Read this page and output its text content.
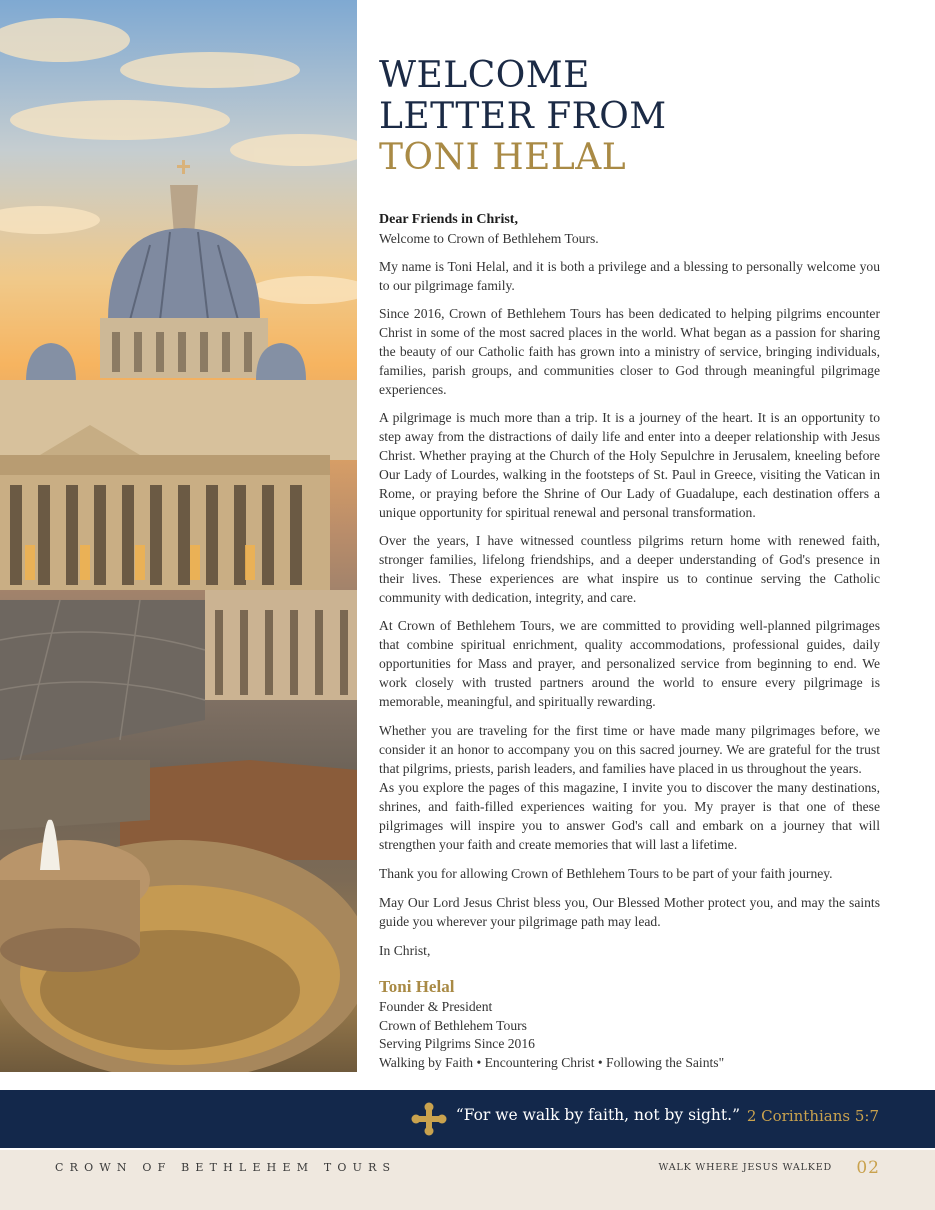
WELCOME
LETTER FROM
TONI HELAL
Dear Friends in Christ,

Welcome to Crown of Bethlehem Tours.

My name is Toni Helal, and it is both a privilege and a blessing to personally welcome you to our pilgrimage family.

Since 2016, Crown of Bethlehem Tours has been dedicated to helping pilgrims encounter Christ in some of the most sacred places in the world. What began as a passion for sharing the beauty of our Catholic faith has grown into a ministry of service, bringing individuals, families, parish groups, and communities closer to God through meaningful pilgrimage experiences.

A pilgrimage is much more than a trip. It is a journey of the heart. It is an opportunity to step away from the distractions of daily life and enter into a deeper relationship with Jesus Christ. Whether praying at the Church of the Holy Sepulchre in Jerusalem, kneeling before Our Lady of Lourdes, walking in the footsteps of St. Paul in Greece, visiting the Vatican in Rome, or praying before the Shrine of Our Lady of Guadalupe, each destination offers a unique opportunity for spiritual renewal and personal transformation.

Over the years, I have witnessed countless pilgrims return home with renewed faith, stronger families, lifelong friendships, and a deeper understanding of God's presence in their lives. These experiences are what inspire us to continue serving the Catholic community with dedication, integrity, and care.

At Crown of Bethlehem Tours, we are committed to providing well-planned pilgrimages that combine spiritual enrichment, quality accommodations, professional guides, daily opportunities for Mass and prayer, and personalized service from beginning to end. We work closely with trusted partners around the world to ensure every pilgrimage is memorable, meaningful, and spiritually rewarding.

Whether you are traveling for the first time or have made many pilgrimages before, we consider it an honor to accompany you on this sacred journey. We are grateful for the trust that pilgrims, priests, parish leaders, and families have placed in us throughout the years.

As you explore the pages of this magazine, I invite you to discover the many destinations, shrines, and faith-filled experiences waiting for you. My prayer is that one of these pilgrimages will inspire you to answer God's call and embark on a journey that will strengthen your faith and create memories that will last a lifetime.

Thank you for allowing Crown of Bethlehem Tours to be part of your faith journey.

May Our Lord Jesus Christ bless you, Our Blessed Mother protect you, and may the saints guide you wherever your pilgrimage path may lead.

In Christ,

Toni Helal
Founder & President
Crown of Bethlehem Tours
Serving Pilgrims Since 2016
Walking by Faith • Encountering Christ • Following the Saints"
“For we walk by faith, not by sight.” 2 Corinthians 5:7
CROWN OF BETHLEHEM TOURS	WALK WHERE JESUS WALKED 02
